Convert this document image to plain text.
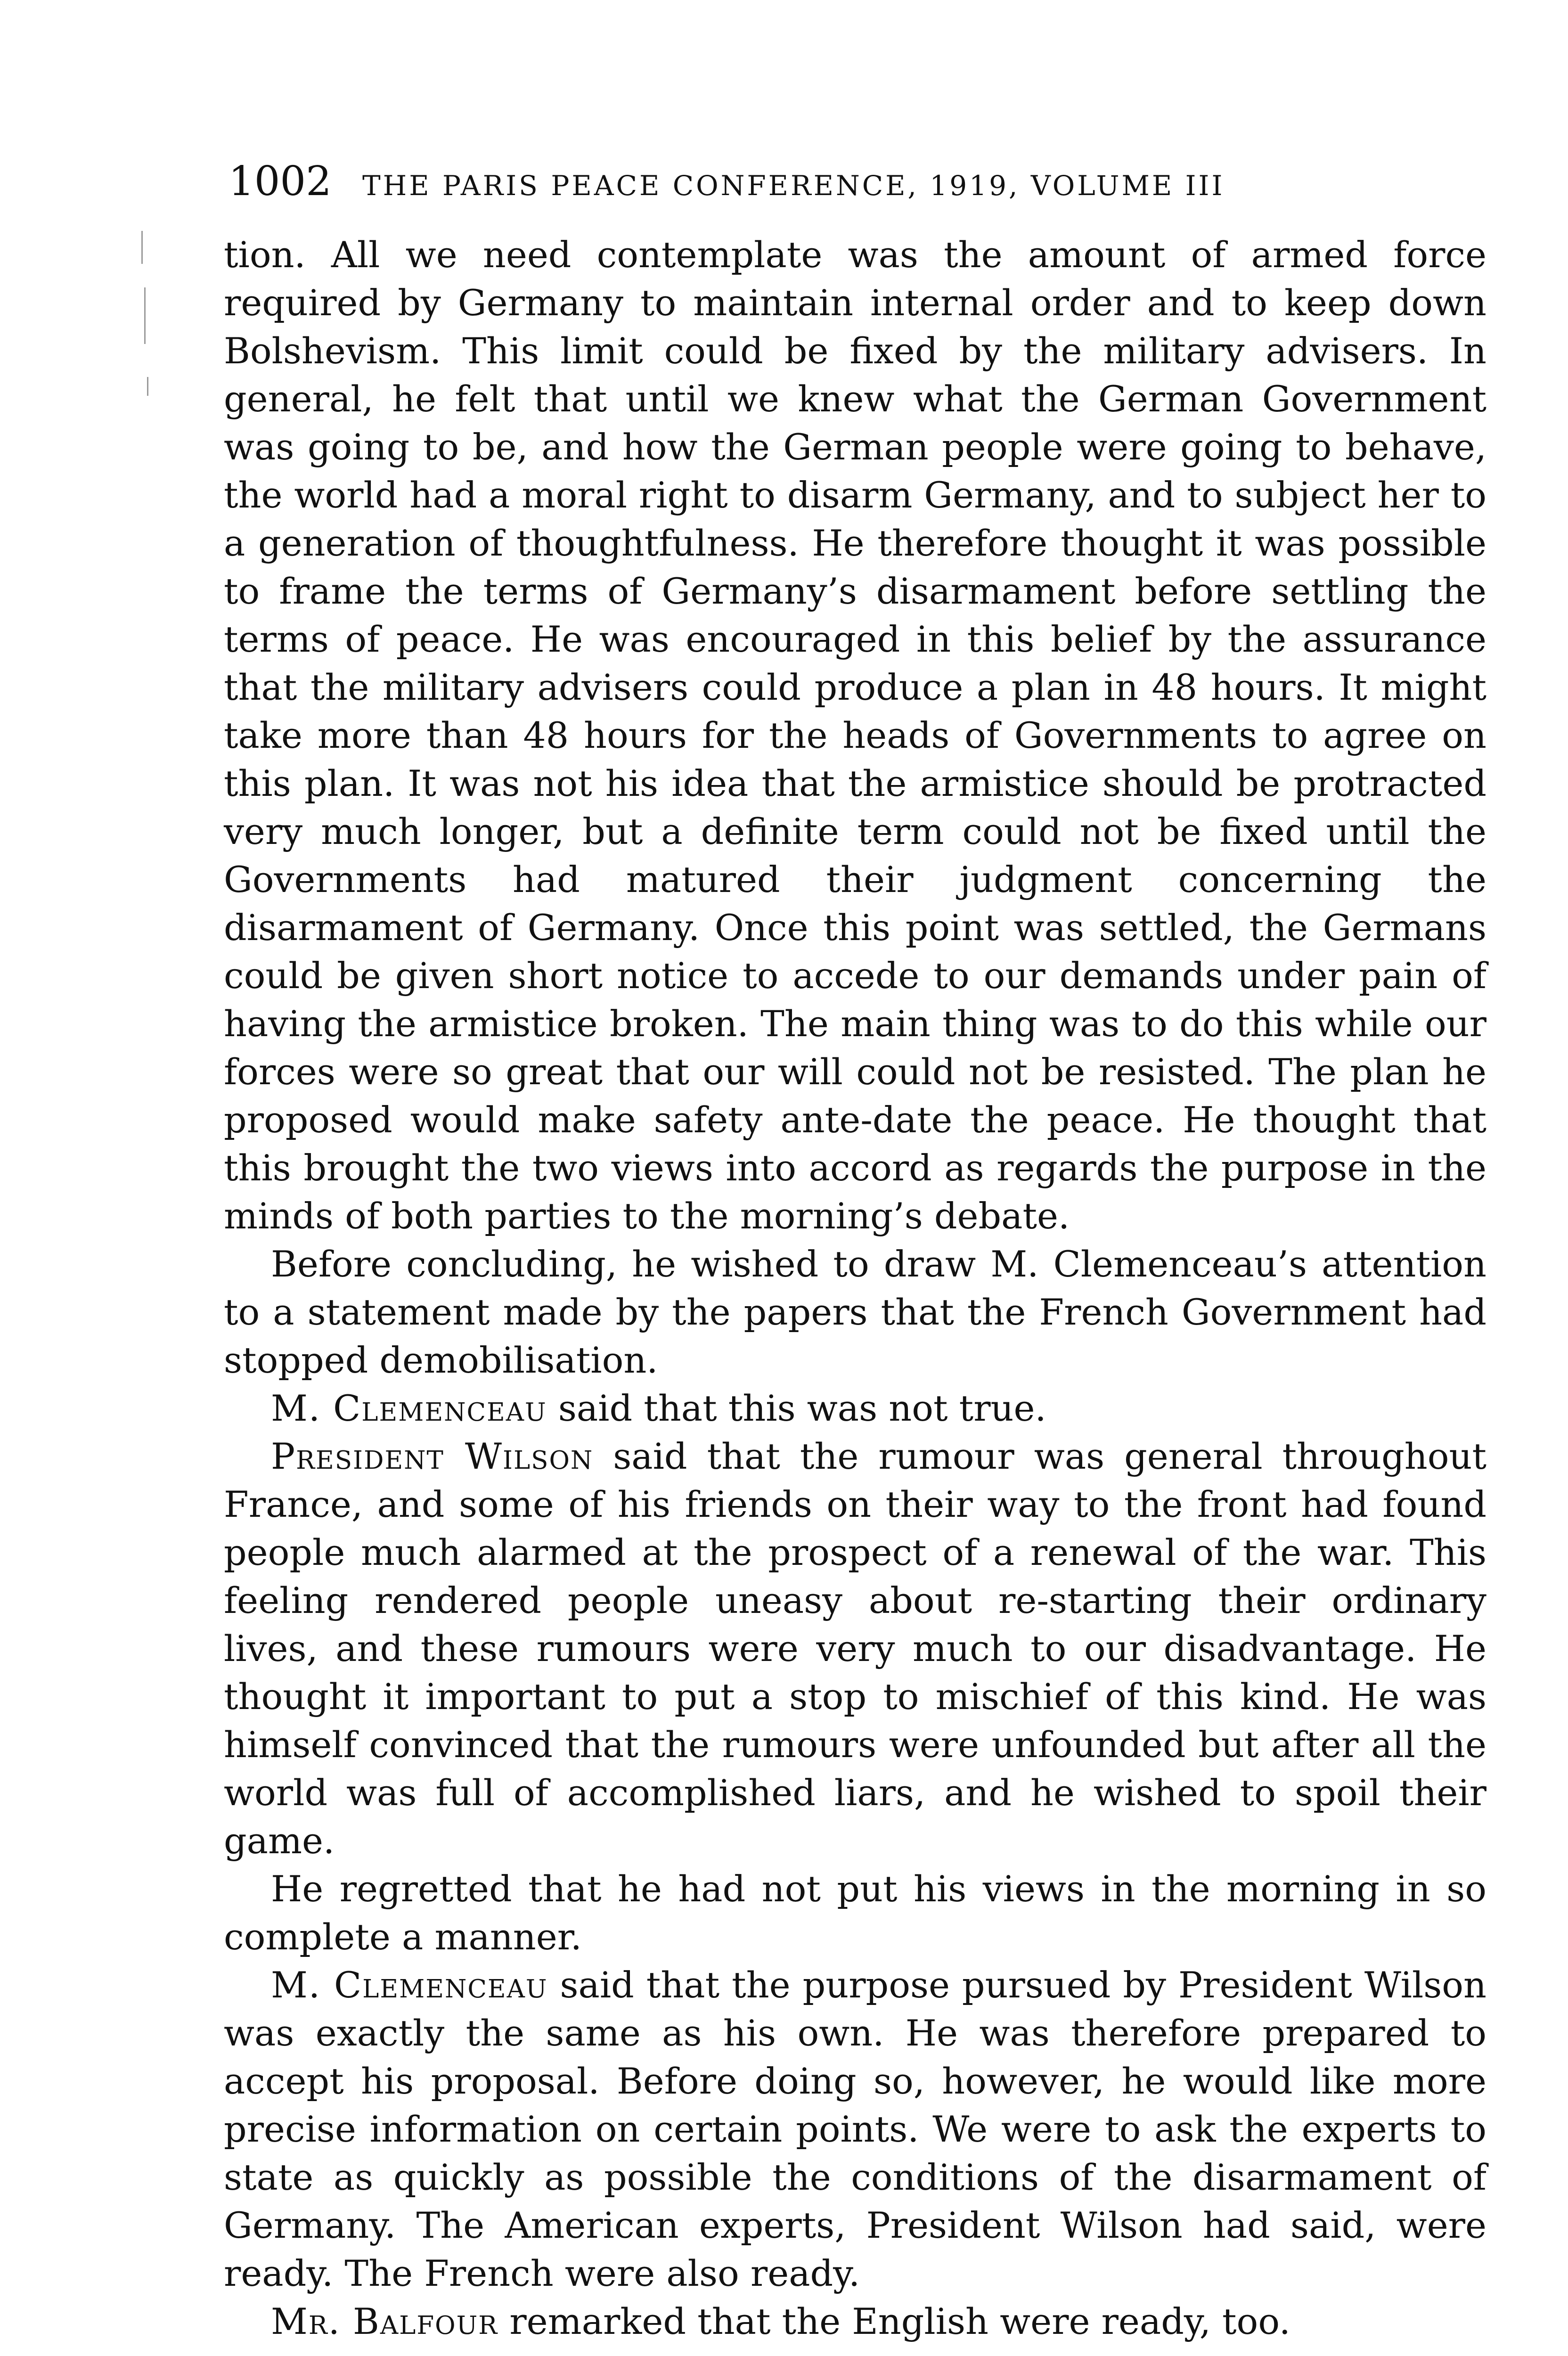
1002 THE PARIS PEACE CONFERENCE, 1919, VOLUME III

tion. All we need contemplate was the amount of armed force required by Germany to maintain internal order and to keep down Bolshevism. This limit could be fixed by the military advisers. In general, he felt that until we knew what the German Government was going to be, and how the German people were going to behave, the world had a moral right to disarm Germany, and to subject her to a generation of thoughtfulness. He therefore thought it was possible to frame the terms of Germany’s disarmament before settling the terms of peace. He was encouraged in this belief by the assurance that the military advisers could produce a plan in 48 hours. It might take more than 48 hours for the heads of Governments to agree on this plan. It was not his idea that the armistice should be protracted very much longer, but a definite term could not be fixed until the Governments had matured their judgment concerning the disarmament of Germany. Once this point was settled, the Germans could be given short notice to accede to our demands under pain of having the armistice broken. The main thing was to do this while our forces were so great that our will could not be resisted. The plan he proposed would make safety ante-date the peace. He thought that this brought the two views into accord as regards the purpose in the minds of both parties to the morning’s debate.

Before concluding, he wished to draw M. Clemenceau’s attention to a statement made by the papers that the French Government had stopped demobilisation.

M. Clemenceau said that this was not true.

President Wilson said that the rumour was general throughout France, and some of his friends on their way to the front had found people much alarmed at the prospect of a renewal of the war. This feeling rendered people uneasy about re-starting their ordinary lives, and these rumours were very much to our disadvantage. He thought it important to put a stop to mischief of this kind. He was himself convinced that the rumours were unfounded but after all the world was full of accomplished liars, and he wished to spoil their game.

He regretted that he had not put his views in the morning in so complete a manner.

M. Clemenceau said that the purpose pursued by President Wilson was exactly the same as his own. He was therefore prepared to accept his proposal. Before doing so, however, he would like more precise information on certain points. We were to ask the experts to state as quickly as possible the conditions of the disarmament of Germany. The American experts, President Wilson had said, were ready. The French were also ready.

Mr. Balfour remarked that the English were ready, too.
